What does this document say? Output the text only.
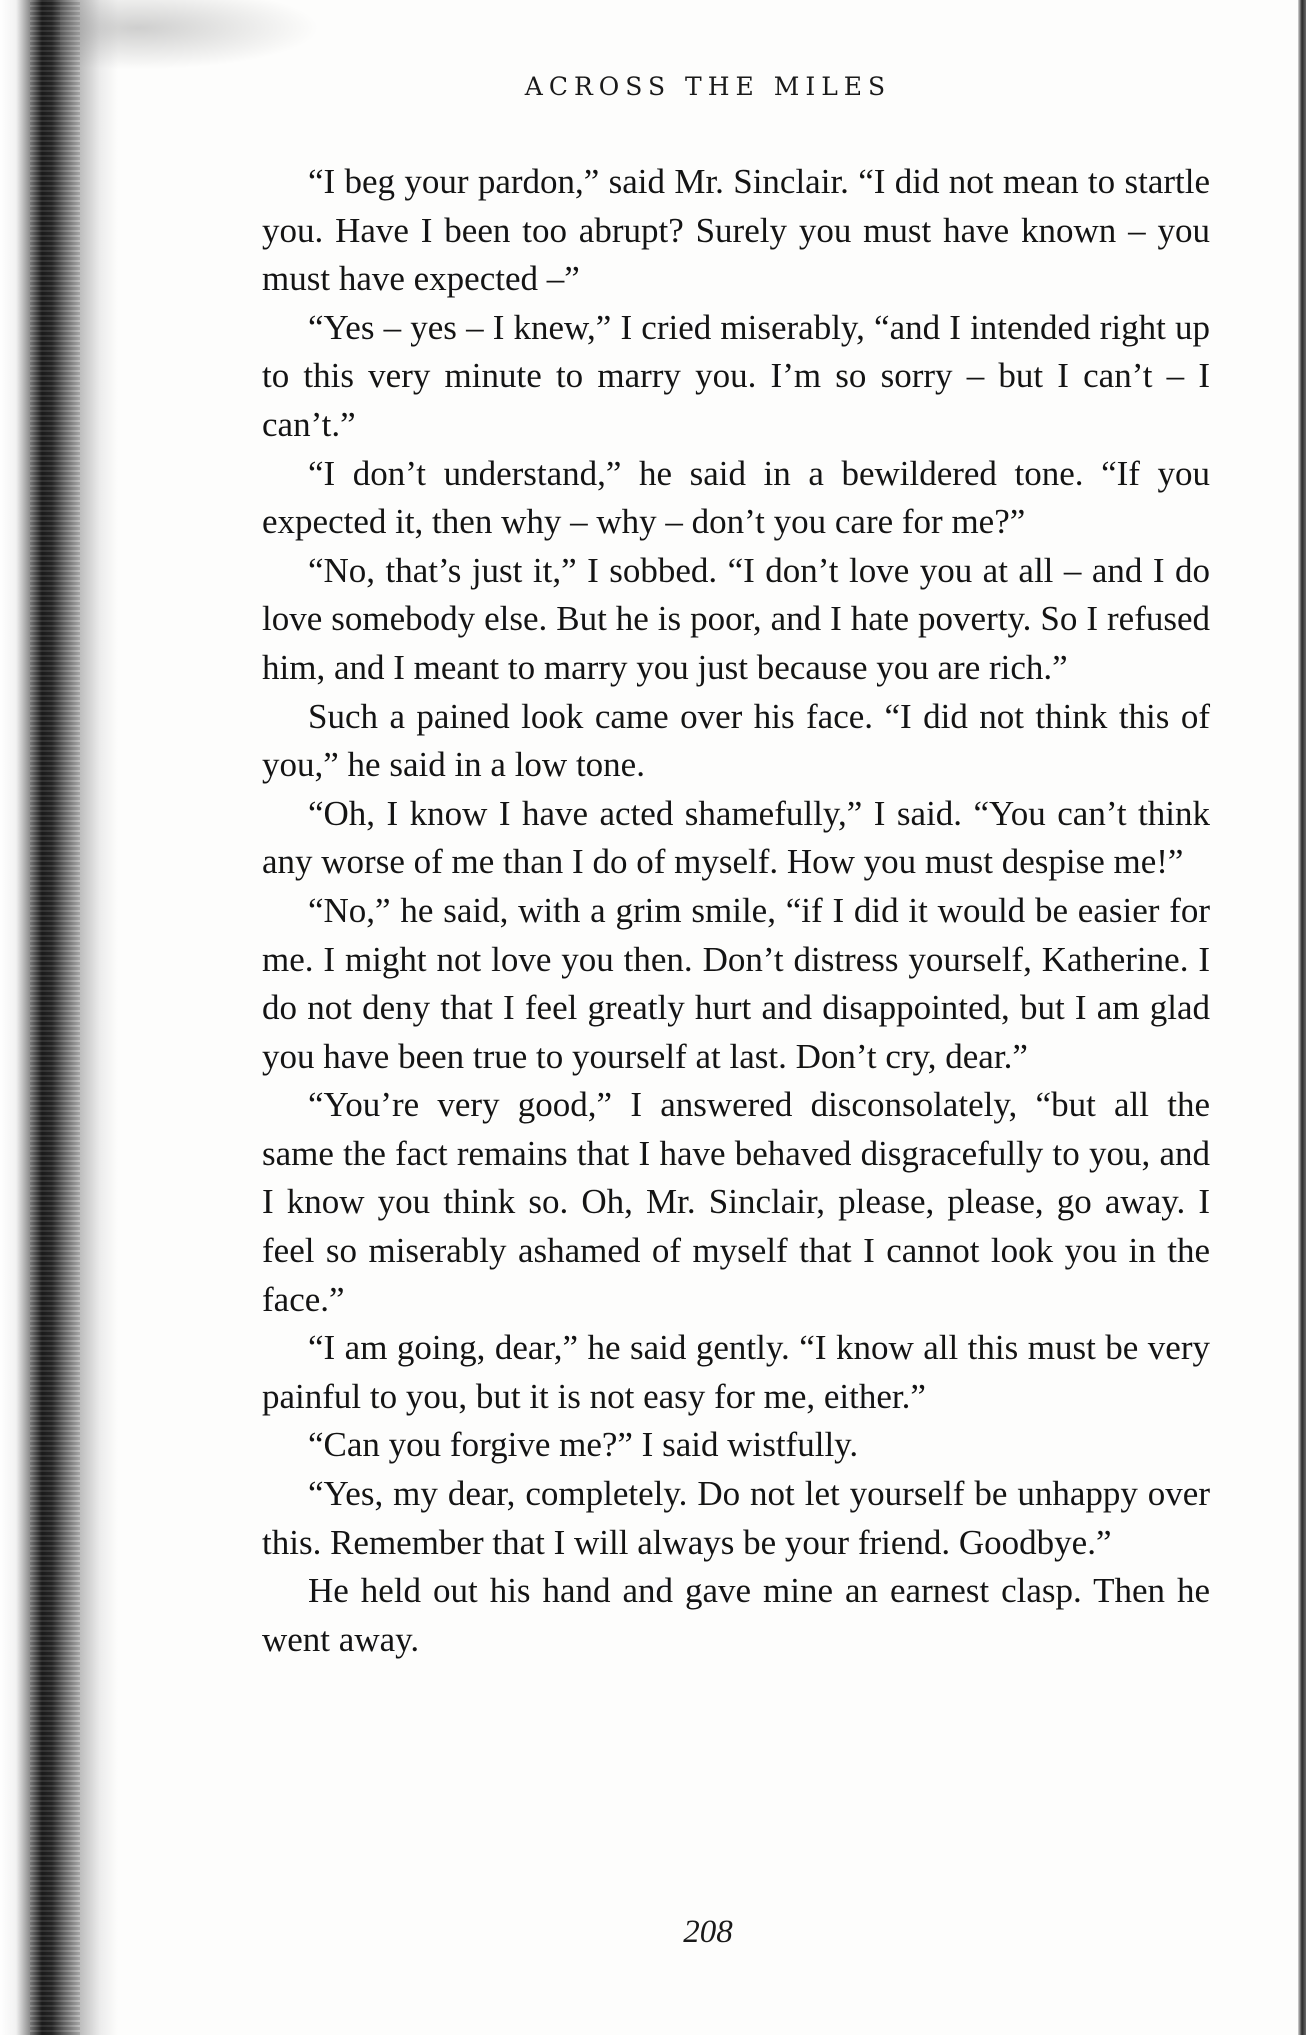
ACROSS THE MILES

“I beg your pardon,” said Mr. Sinclair. “I did not mean to startle you. Have I been too abrupt? Surely you must have known – you must have expected –”

“Yes – yes – I knew,” I cried miserably, “and I intended right up to this very minute to marry you. I’m so sorry – but I can’t – I can’t.”

“I don’t understand,” he said in a bewildered tone. “If you expected it, then why – why – don’t you care for me?”

“No, that’s just it,” I sobbed. “I don’t love you at all – and I do love somebody else. But he is poor, and I hate poverty. So I refused him, and I meant to marry you just because you are rich.”

Such a pained look came over his face. “I did not think this of you,” he said in a low tone.

“Oh, I know I have acted shamefully,” I said. “You can’t think any worse of me than I do of myself. How you must despise me!”

“No,” he said, with a grim smile, “if I did it would be easier for me. I might not love you then. Don’t distress yourself, Katherine. I do not deny that I feel greatly hurt and disappointed, but I am glad you have been true to yourself at last. Don’t cry, dear.”

“You’re very good,” I answered disconsolately, “but all the same the fact remains that I have behaved disgracefully to you, and I know you think so. Oh, Mr. Sinclair, please, please, go away. I feel so miserably ashamed of myself that I cannot look you in the face.”

“I am going, dear,” he said gently. “I know all this must be very painful to you, but it is not easy for me, either.”

“Can you forgive me?” I said wistfully.

“Yes, my dear, completely. Do not let yourself be unhappy over this. Remember that I will always be your friend. Goodbye.”

He held out his hand and gave mine an earnest clasp. Then he went away.

208
